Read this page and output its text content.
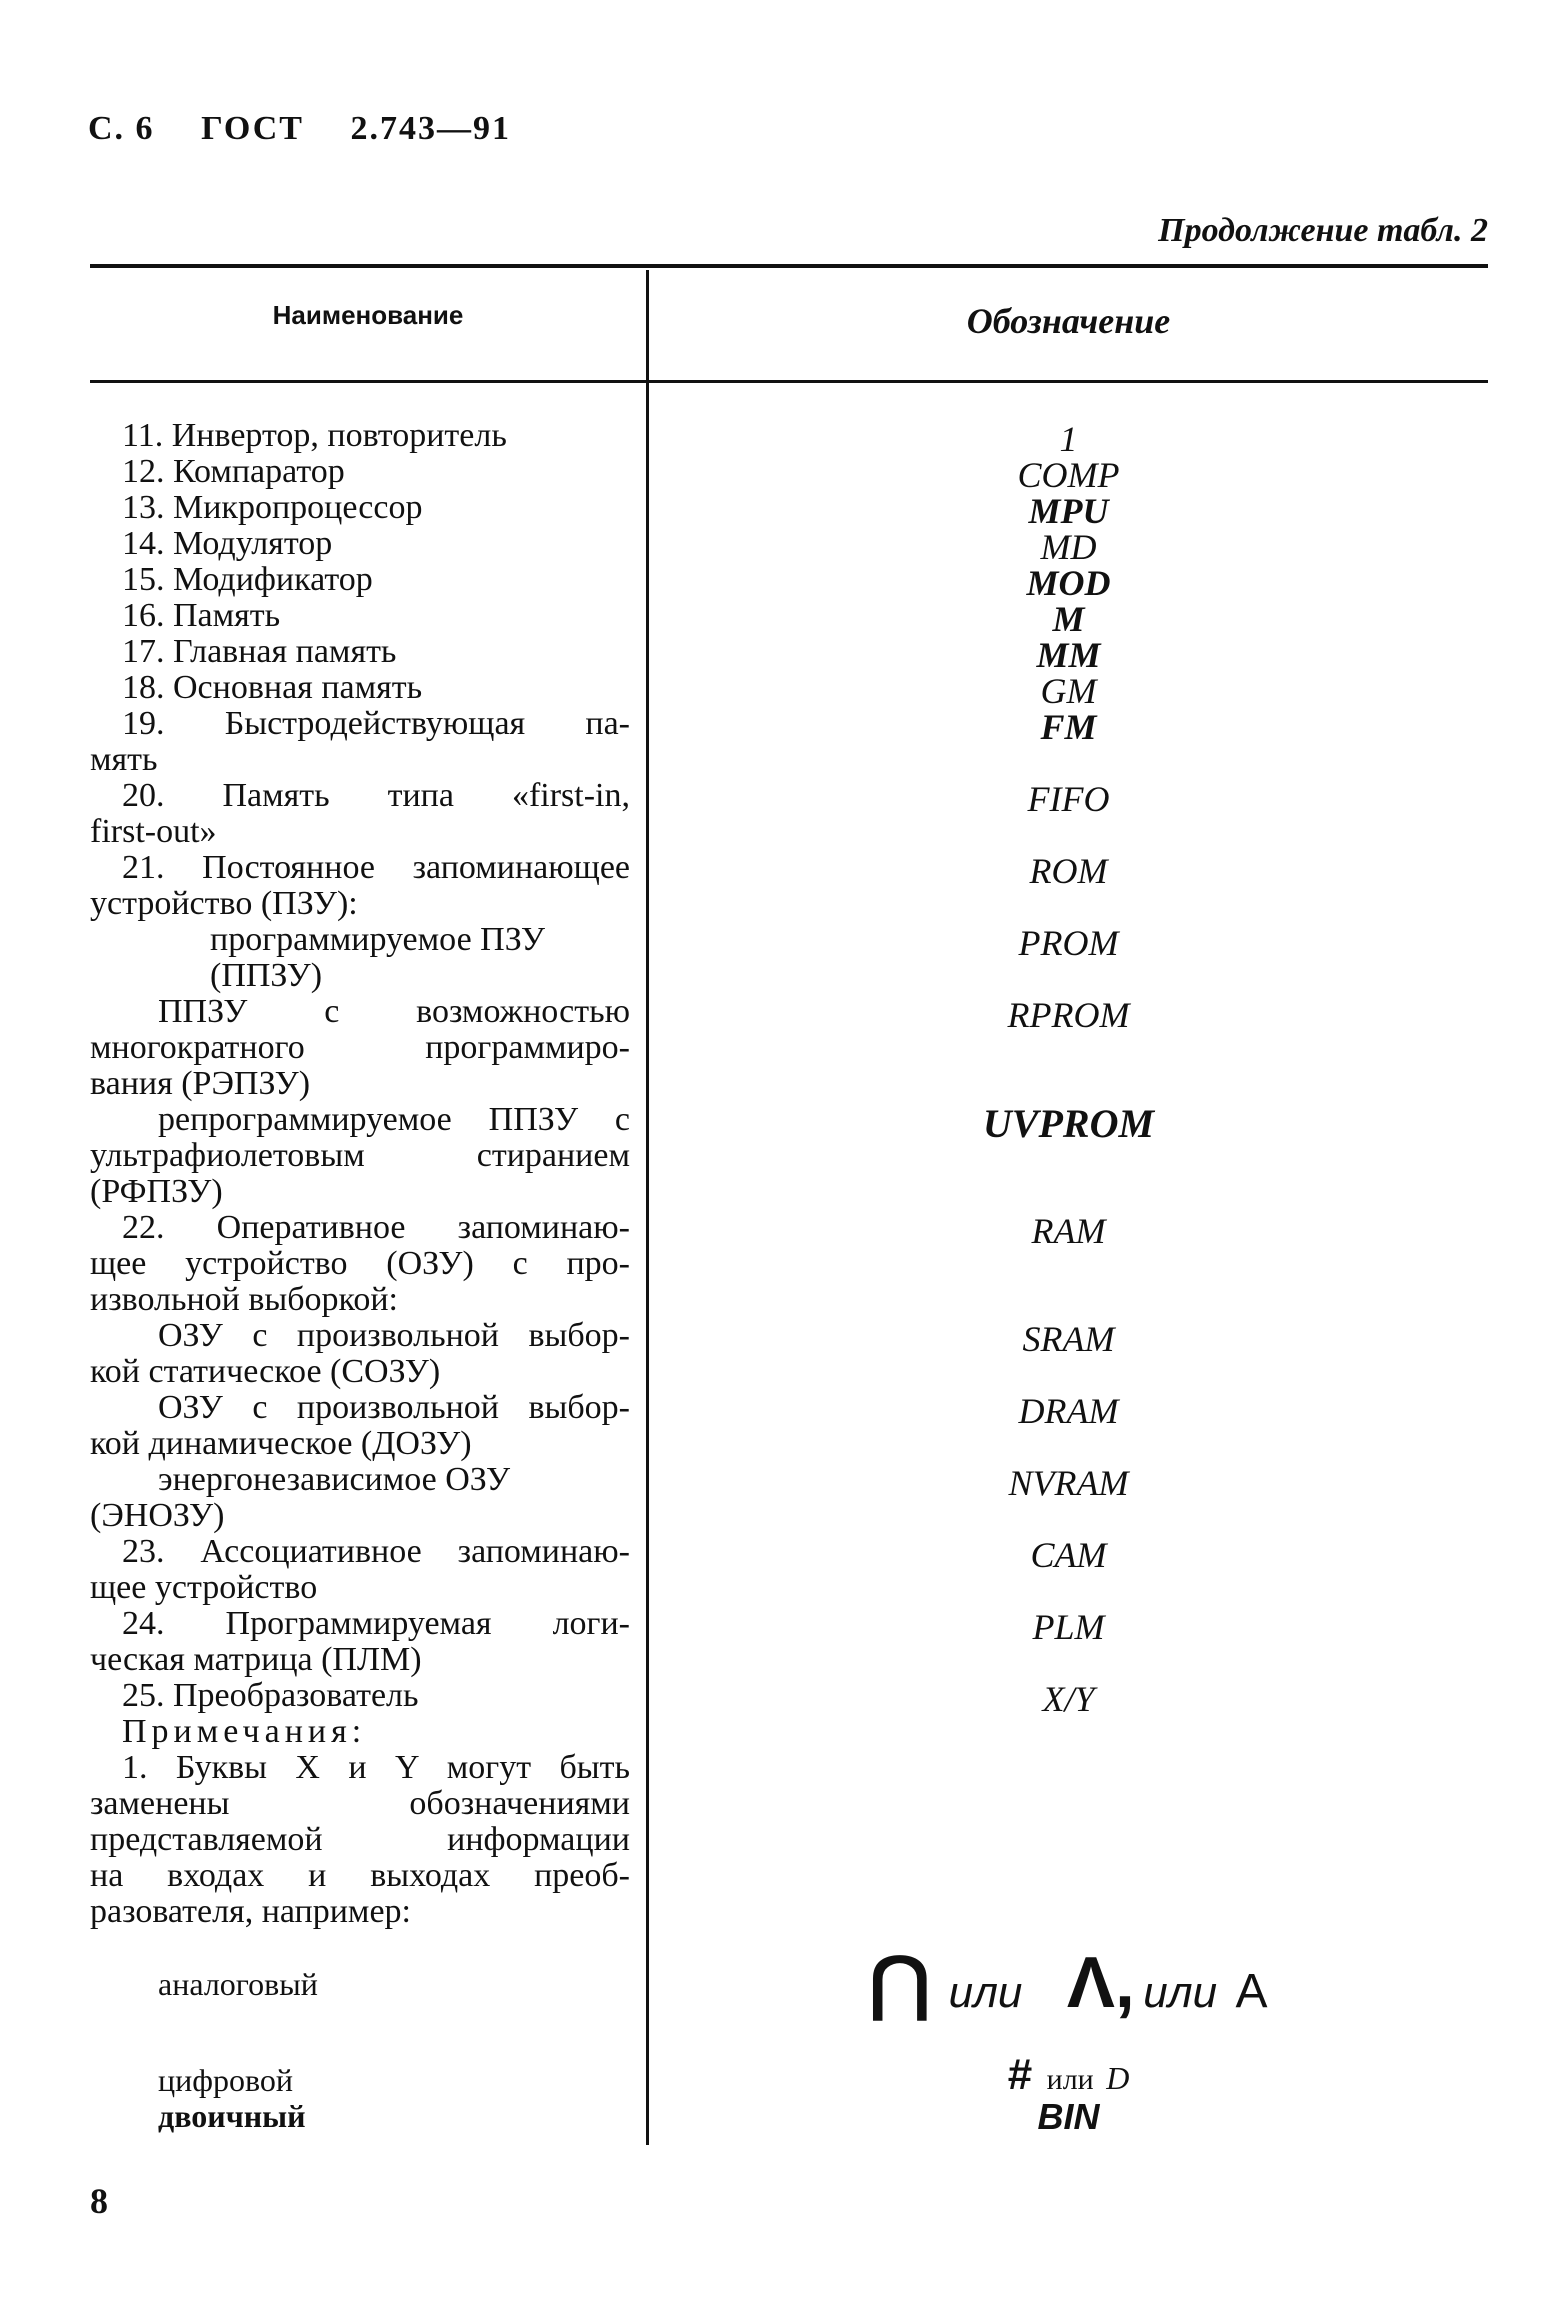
С. 6 ГОСТ 2.743—91
Продолжение табл. 2
Наименование	Обозначение
11. Инвертор, повторитель
12. Компаратор
13. Микропроцессор
14. Модулятор
15. Модификатор
16. Память
17. Главная память
18. Основная память
19. Быстродействующая па-
мять
20. Память типа «first-in,
first-out»
21. Постоянное запоминающее
устройство (ПЗУ):
программируемое ПЗУ
(ППЗУ)
ППЗУ с возможностью
многократного программиро-
вания (РЭПЗУ)
репрограммируемое ППЗУ с
ультрафиолетовым стиранием
(РФПЗУ)
22. Оперативное запоминаю-
щее устройство (ОЗУ) с про-
извольной выборкой:
ОЗУ с произвольной выбор-
кой статическое (СОЗУ)
ОЗУ с произвольной выбор-
кой динамическое (ДОЗУ)
энергонезависимое ОЗУ
(ЭНОЗУ)
23. Ассоциативное запоминаю-
щее устройство
24. Программируемая логи-
ческая матрица (ПЛМ)
25. Преобразователь
Примечания:
1. Буквы X и Y могут быть
заменены обозначениями
представляемой информации
на входах и выходах преоб-
разователя, например:
аналоговый
цифровой
двоичный
1
COMP
MPU
MD
MOD
M
MM
GM
FM
FIFO
ROM
PROM
RPROM
UVPROM
RAM
SRAM
DRAM
NVRAM
CAM
PLM
X/Y
⋂ или Λ, или A
# или D
BIN
8
